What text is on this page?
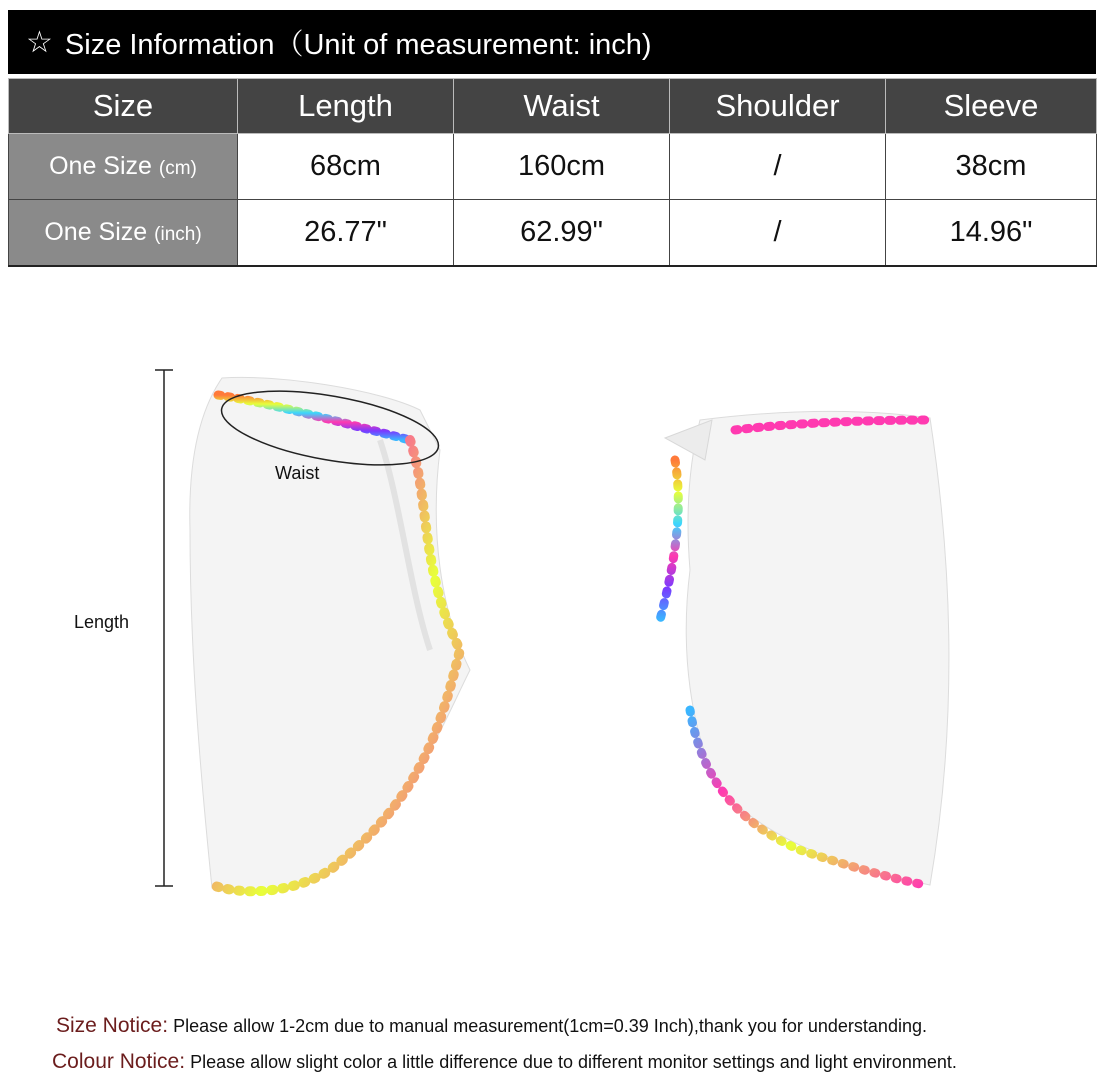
☆ Size Information（Unit of measurement: inch)
Size	Length	Waist	Shoulder	Sleeve
One Size (cm)	68cm	160cm	/	38cm
One Size (inch)	26.77"	62.99"	/	14.96"
Waist
Length
Size Notice: Please allow 1-2cm due to manual measurement(1cm=0.39 Inch),thank you for understanding.
Colour Notice: Please allow slight color a little difference due to different monitor settings and light environment.
